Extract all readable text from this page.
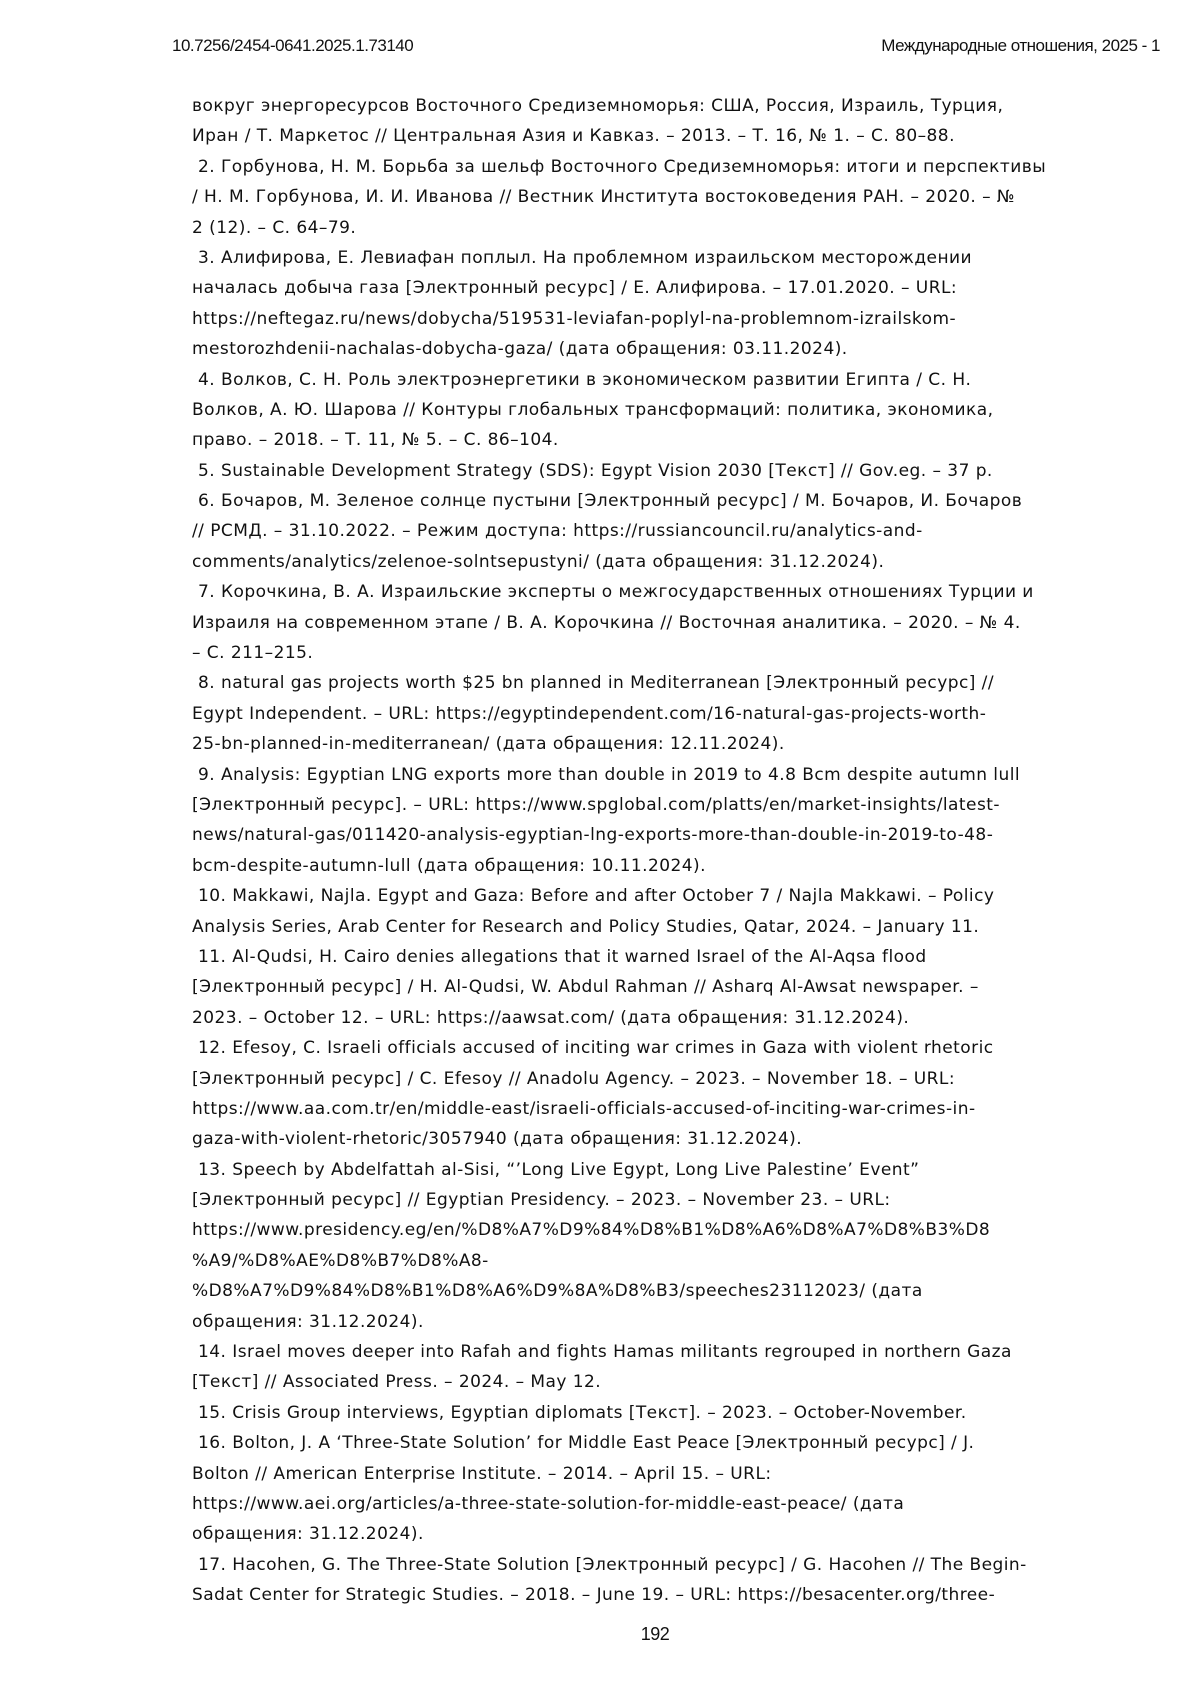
10.7256/2454-0641.2025.1.73140	Международные отношения, 2025 - 1
вокруг энергоресурсов Восточного Средиземноморья: США, Россия, Израиль, Турция,
Иран / Т. Маркетос // Центральная Азия и Кавказ. – 2013. – Т. 16, № 1. – С. 80–88.
2. Горбунова, Н. М. Борьба за шельф Восточного Средиземноморья: итоги и перспективы
/ Н. М. Горбунова, И. И. Иванова // Вестник Института востоковедения РАН. – 2020. – №
2 (12). – С. 64–79.
3. Алифирова, Е. Левиафан поплыл. На проблемном израильском месторождении
началась добыча газа [Электронный ресурс] / Е. Алифирова. – 17.01.2020. – URL:
https://neftegaz.ru/news/dobycha/519531-leviafan-poplyl-na-problemnom-izrailskom-
mestorozhdenii-nachalas-dobycha-gaza/ (дата обращения: 03.11.2024).
4. Волков, С. Н. Роль электроэнергетики в экономическом развитии Египта / С. Н.
Волков, А. Ю. Шарова // Контуры глобальных трансформаций: политика, экономика,
право. – 2018. – Т. 11, № 5. – С. 86–104.
5. Sustainable Development Strategy (SDS): Egypt Vision 2030 [Текст] // Gov.eg. – 37 p.
6. Бочаров, М. Зеленое солнце пустыни [Электронный ресурс] / М. Бочаров, И. Бочаров
// РСМД. – 31.10.2022. – Режим доступа: https://russiancouncil.ru/analytics-and-
comments/analytics/zelenoe-solntsepustyni/ (дата обращения: 31.12.2024).
7. Корочкина, В. А. Израильские эксперты о межгосударственных отношениях Турции и
Израиля на современном этапе / В. А. Корочкина // Восточная аналитика. – 2020. – № 4.
– С. 211–215.
8. natural gas projects worth $25 bn planned in Mediterranean [Электронный ресурс] //
Egypt Independent. – URL: https://egyptindependent.com/16-natural-gas-projects-worth-
25-bn-planned-in-mediterranean/ (дата обращения: 12.11.2024).
9. Analysis: Egyptian LNG exports more than double in 2019 to 4.8 Bcm despite autumn lull
[Электронный ресурс]. – URL: https://www.spglobal.com/platts/en/market-insights/latest-
news/natural-gas/011420-analysis-egyptian-lng-exports-more-than-double-in-2019-to-48-
bcm-despite-autumn-lull (дата обращения: 10.11.2024).
10. Makkawi, Najla. Egypt and Gaza: Before and after October 7 / Najla Makkawi. – Policy
Analysis Series, Arab Center for Research and Policy Studies, Qatar, 2024. – January 11.
11. Al-Qudsi, H. Cairo denies allegations that it warned Israel of the Al-Aqsa flood
[Электронный ресурс] / H. Al-Qudsi, W. Abdul Rahman // Asharq Al-Awsat newspaper. –
2023. – October 12. – URL: https://aawsat.com/ (дата обращения: 31.12.2024).
12. Efesoy, C. Israeli officials accused of inciting war crimes in Gaza with violent rhetoric
[Электронный ресурс] / C. Efesoy // Anadolu Agency. – 2023. – November 18. – URL:
https://www.aa.com.tr/en/middle-east/israeli-officials-accused-of-inciting-war-crimes-in-
gaza-with-violent-rhetoric/3057940 (дата обращения: 31.12.2024).
13. Speech by Abdelfattah al-Sisi, “’Long Live Egypt, Long Live Palestine’ Event”
[Электронный ресурс] // Egyptian Presidency. – 2023. – November 23. – URL:
https://www.presidency.eg/en/%D8%A7%D9%84%D8%B1%D8%A6%D8%A7%D8%B3%D8
%A9/%D8%AE%D8%B7%D8%A8-
%D8%A7%D9%84%D8%B1%D8%A6%D9%8A%D8%B3/speeches23112023/ (дата
обращения: 31.12.2024).
14. Israel moves deeper into Rafah and fights Hamas militants regrouped in northern Gaza
[Текст] // Associated Press. – 2024. – May 12.
15. Crisis Group interviews, Egyptian diplomats [Текст]. – 2023. – October-November.
16. Bolton, J. A ‘Three-State Solution’ for Middle East Peace [Электронный ресурс] / J.
Bolton // American Enterprise Institute. – 2014. – April 15. – URL:
https://www.aei.org/articles/a-three-state-solution-for-middle-east-peace/ (дата
обращения: 31.12.2024).
17. Hacohen, G. The Three-State Solution [Электронный ресурс] / G. Hacohen // The Begin-
Sadat Center for Strategic Studies. – 2018. – June 19. – URL: https://besacenter.org/three-
192
